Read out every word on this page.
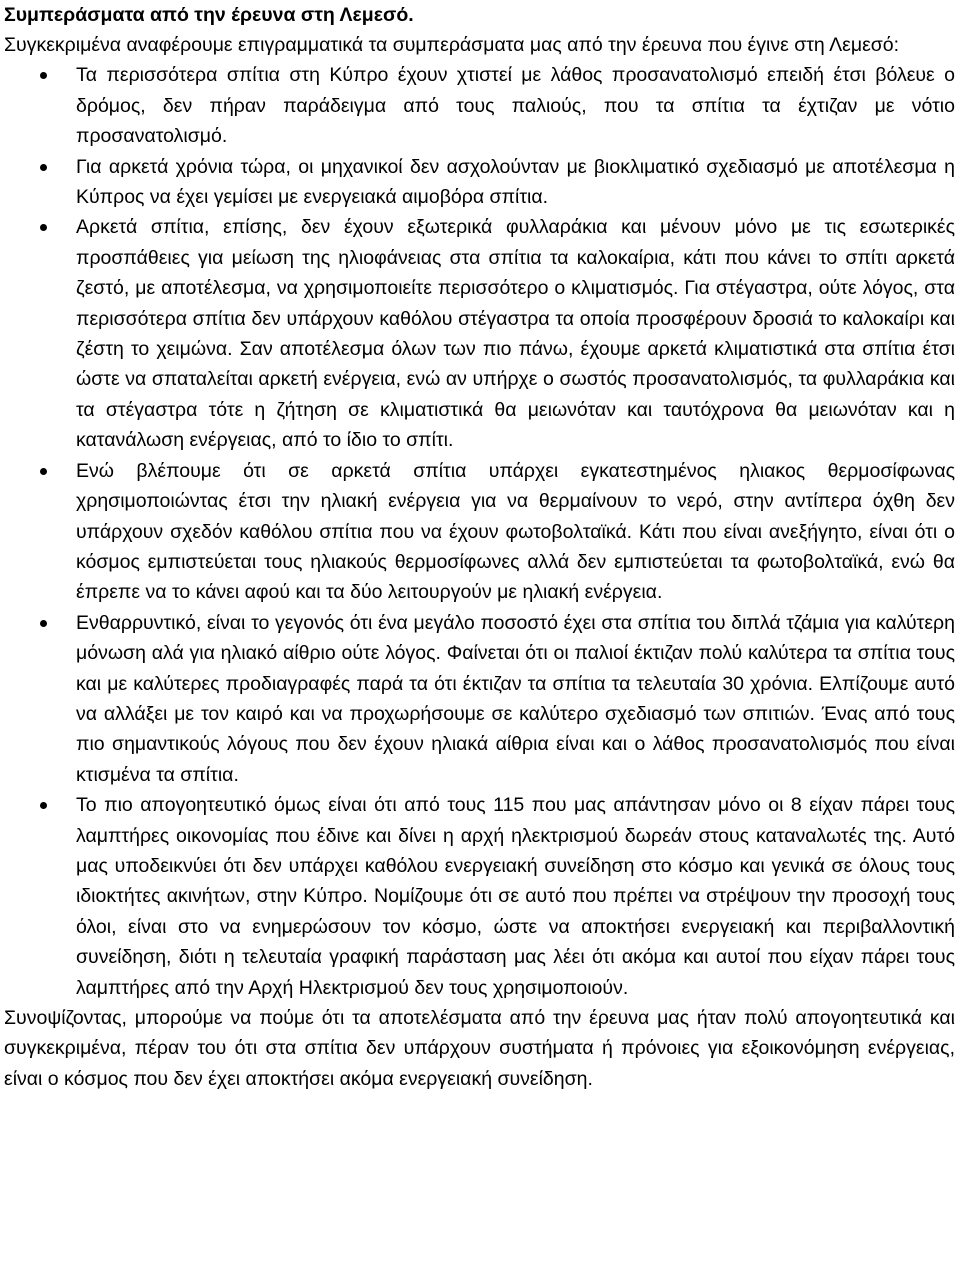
Συμπεράσματα από την έρευνα στη Λεμεσό.

Συγκεκριμένα αναφέρουμε επιγραμματικά τα συμπεράσματα μας από την έρευνα που έγινε στη Λεμεσό:

Τα περισσότερα σπίτια στη Κύπρο έχουν χτιστεί με λάθος προσανατολισμό επειδή έτσι βόλευε ο δρόμος, δεν πήραν παράδειγμα από τους παλιούς, που τα σπίτια τα έχτιζαν με νότιο προσανατολισμό.
Για αρκετά χρόνια τώρα, οι μηχανικοί δεν ασχολούνταν με βιοκλιματικό σχεδιασμό με αποτέλεσμα η Κύπρος να έχει γεμίσει με ενεργειακά αιμοβόρα σπίτια.
Αρκετά σπίτια, επίσης, δεν έχουν εξωτερικά φυλλαράκια και μένουν μόνο με τις εσωτερικές προσπάθειες για μείωση της ηλιοφάνειας στα σπίτια τα καλοκαίρια, κάτι που κάνει το σπίτι αρκετά ζεστό, με αποτέλεσμα, να χρησιμοποιείτε περισσότερο ο κλιματισμός. Για στέγαστρα, ούτε λόγος, στα περισσότερα σπίτια δεν υπάρχουν καθόλου στέγαστρα τα οποία προσφέρουν δροσιά το καλοκαίρι και ζέστη το χειμώνα. Σαν αποτέλεσμα όλων των πιο πάνω, έχουμε αρκετά κλιματιστικά στα σπίτια έτσι ώστε να σπαταλείται αρκετή ενέργεια, ενώ αν υπήρχε ο σωστός προσανατολισμός, τα φυλλαράκια και τα στέγαστρα τότε η ζήτηση σε κλιματιστικά θα μειωνόταν και ταυτόχρονα θα μειωνόταν και η κατανάλωση ενέργειας, από το ίδιο το σπίτι.
Ενώ βλέπουμε ότι σε αρκετά σπίτια υπάρχει εγκατεστημένος ηλιακος θερμοσίφωνας χρησιμοποιώντας έτσι την ηλιακή ενέργεια για να θερμαίνουν το νερό, στην αντίπερα όχθη δεν υπάρχουν σχεδόν καθόλου σπίτια που να έχουν φωτοβολταϊκά. Κάτι που είναι ανεξήγητο, είναι ότι ο κόσμος εμπιστεύεται τους ηλιακούς θερμοσίφωνες αλλά δεν εμπιστεύεται τα φωτοβολταϊκά, ενώ θα έπρεπε να το κάνει αφού και τα δύο λειτουργούν με ηλιακή ενέργεια.
Ενθαρρυντικό, είναι το γεγονός ότι ένα μεγάλο ποσοστό έχει στα σπίτια του διπλά τζάμια για καλύτερη μόνωση αλά για ηλιακό αίθριο ούτε λόγος. Φαίνεται ότι οι παλιοί έκτιζαν πολύ καλύτερα τα σπίτια τους και με καλύτερες προδιαγραφές παρά τα ότι έκτιζαν τα σπίτια τα τελευταία 30 χρόνια. Ελπίζουμε αυτό να αλλάξει με τον καιρό και να προχωρήσουμε σε καλύτερο σχεδιασμό των σπιτιών. Ένας από τους πιο σημαντικούς λόγους που δεν έχουν ηλιακά αίθρια είναι και ο λάθος προσανατολισμός που είναι κτισμένα τα σπίτια.
Το πιο απογοητευτικό όμως είναι ότι από τους 115 που μας απάντησαν μόνο οι 8 είχαν πάρει τους λαμπτήρες οικονομίας που έδινε και δίνει η αρχή ηλεκτρισμού δωρεάν στους καταναλωτές της. Αυτό μας υποδεικνύει ότι δεν υπάρχει καθόλου ενεργειακή συνείδηση στο κόσμο και γενικά σε όλους τους ιδιοκτήτες ακινήτων, στην Κύπρο. Νομίζουμε ότι σε αυτό που πρέπει να στρέψουν την προσοχή τους όλοι, είναι στο να ενημερώσουν τον κόσμο, ώστε να αποκτήσει ενεργειακή και περιβαλλοντική συνείδηση, διότι η τελευταία γραφική παράσταση μας λέει ότι ακόμα και αυτοί που είχαν πάρει τους λαμπτήρες από την Αρχή Ηλεκτρισμού δεν τους χρησιμοποιούν.

Συνοψίζοντας, μπορούμε να πούμε ότι τα αποτελέσματα από την έρευνα μας ήταν πολύ απογοητευτικά και συγκεκριμένα, πέραν του ότι στα σπίτια δεν υπάρχουν συστήματα ή πρόνοιες για εξοικονόμηση ενέργειας, είναι ο κόσμος που δεν έχει αποκτήσει ακόμα ενεργειακή συνείδηση.
